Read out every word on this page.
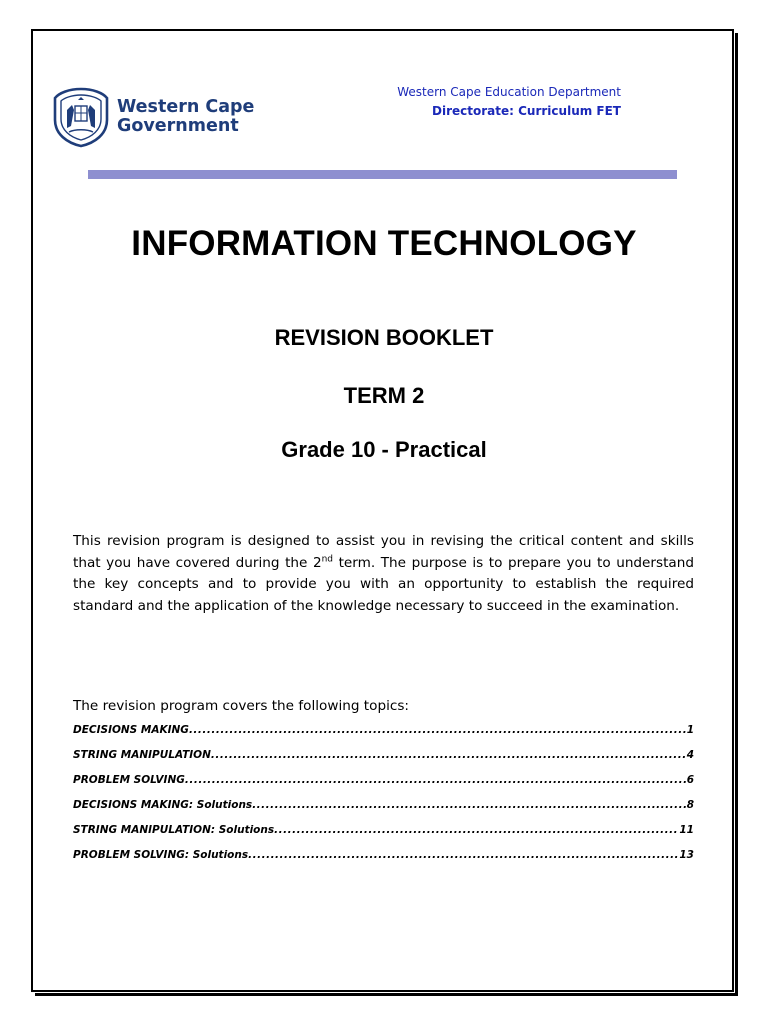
Western Cape
Government
Western Cape Education Department
Directorate: Curriculum FET
INFORMATION TECHNOLOGY
REVISION BOOKLET
TERM 2
Grade 10 - Practical
This revision program is designed to assist you in revising the critical content and skills that you have covered during the 2nd term. The purpose is to prepare you to understand the key concepts and to provide you with an opportunity to establish the required standard and the application of the knowledge necessary to succeed in the examination.
The revision program covers the following topics:
DECISIONS MAKING .....	1
STRING MANIPULATION .....	4
PROBLEM SOLVING .....	6
DECISIONS MAKING: Solutions .....	8
STRING MANIPULATION: Solutions .....	11
PROBLEM SOLVING: Solutions .....	13
